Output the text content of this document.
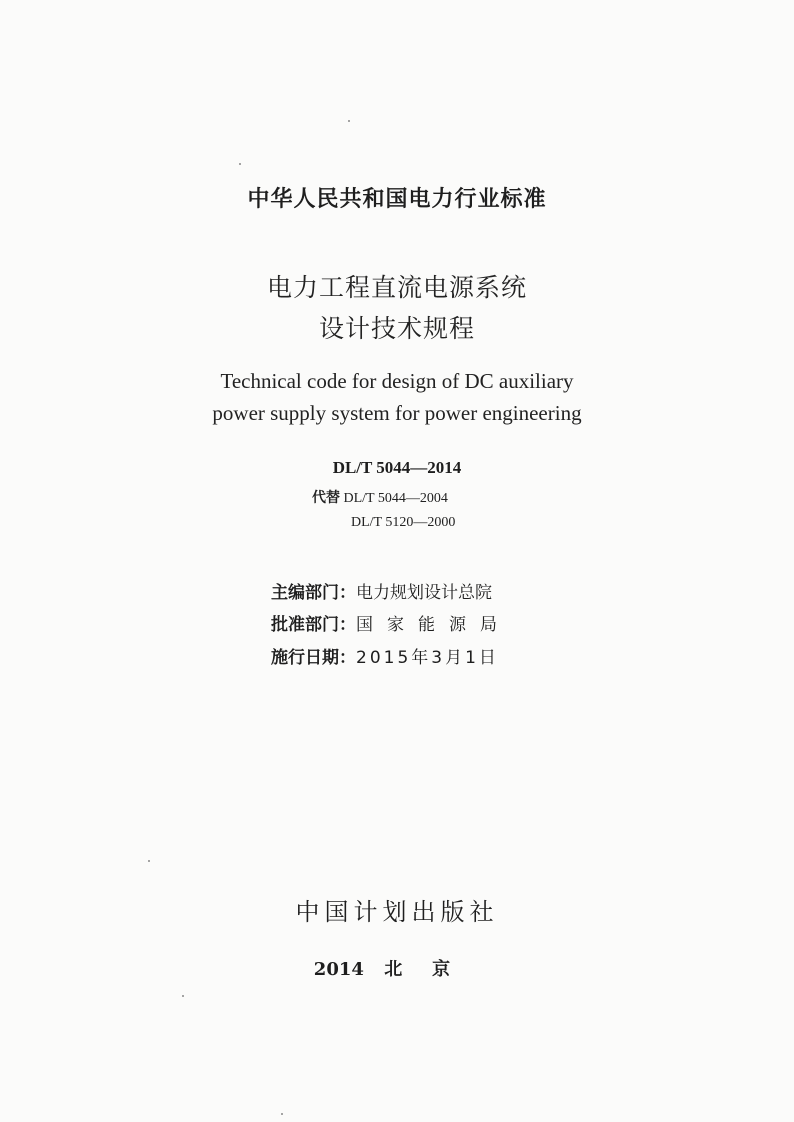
中华人民共和国电力行业标准
电力工程直流电源系统
设计技术规程
Technical code for design of DC auxiliary
power supply system for power engineering
DL/T 5044—2014
代替 DL/T 5044—2004
DL/T 5120—2000
主编部门：电力规划设计总院
批准部门：国家能源局
施行日期：2015年3月1日
中国计划出版社
2014 北京
